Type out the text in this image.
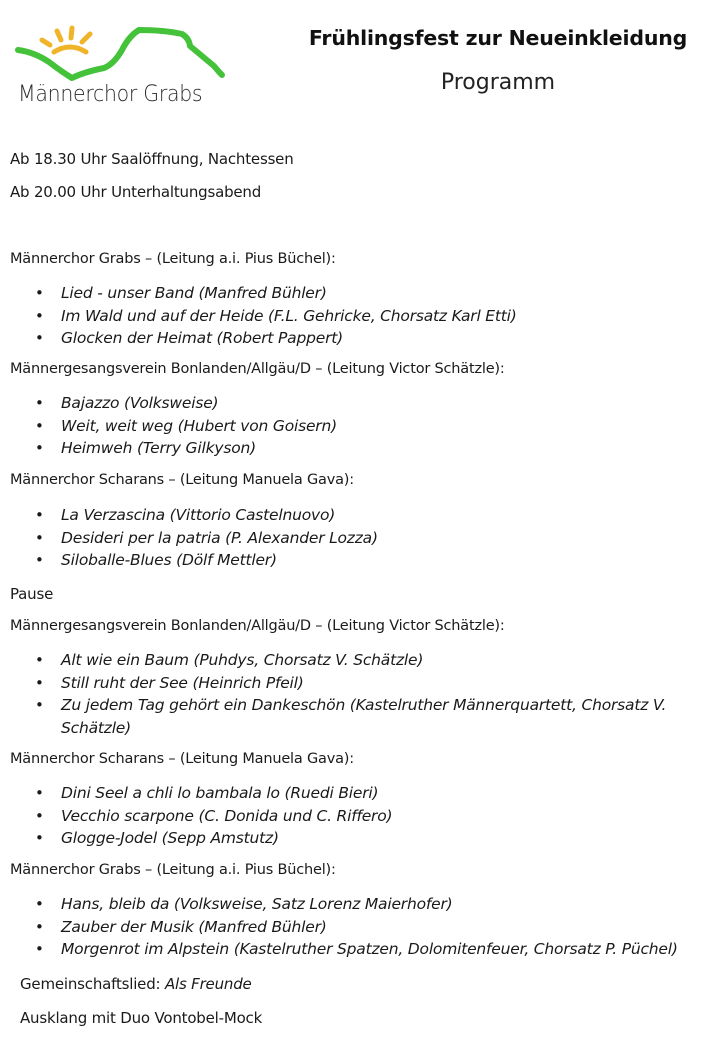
Männerchor Grabs
Frühlingsfest zur Neueinkleidung
Programm
Ab 18.30 Uhr Saalöffnung, Nachtessen
Ab 20.00 Uhr Unterhaltungsabend
Männerchor Grabs – (Leitung a.i. Pius Büchel):
• Lied - unser Band (Manfred Bühler)
• Im Wald und auf der Heide (F.L. Gehricke, Chorsatz Karl Etti)
• Glocken der Heimat (Robert Pappert)
Männergesangsverein Bonlanden/Allgäu/D – (Leitung Victor Schätzle):
• Bajazzo (Volksweise)
• Weit, weit weg (Hubert von Goisern)
• Heimweh (Terry Gilkyson)
Männerchor Scharans – (Leitung Manuela Gava):
• La Verzascina (Vittorio Castelnuovo)
• Desideri per la patria (P. Alexander Lozza)
• Siloballe-Blues (Dölf Mettler)
Pause
Männergesangsverein Bonlanden/Allgäu/D – (Leitung Victor Schätzle):
• Alt wie ein Baum (Puhdys, Chorsatz V. Schätzle)
• Still ruht der See (Heinrich Pfeil)
• Zu jedem Tag gehört ein Dankeschön (Kastelruther Männerquartett, Chorsatz V. Schätzle)
Männerchor Scharans – (Leitung Manuela Gava):
• Dini Seel a chli lo bambala lo (Ruedi Bieri)
• Vecchio scarpone (C. Donida und C. Riffero)
• Glogge-Jodel (Sepp Amstutz)
Männerchor Grabs – (Leitung a.i. Pius Büchel):
• Hans, bleib da (Volksweise, Satz Lorenz Maierhofer)
• Zauber der Musik (Manfred Bühler)
• Morgenrot im Alpstein (Kastelruther Spatzen, Dolomitenfeuer, Chorsatz P. Püchel)
Gemeinschaftslied: Als Freunde
Ausklang mit Duo Vontobel-Mock
